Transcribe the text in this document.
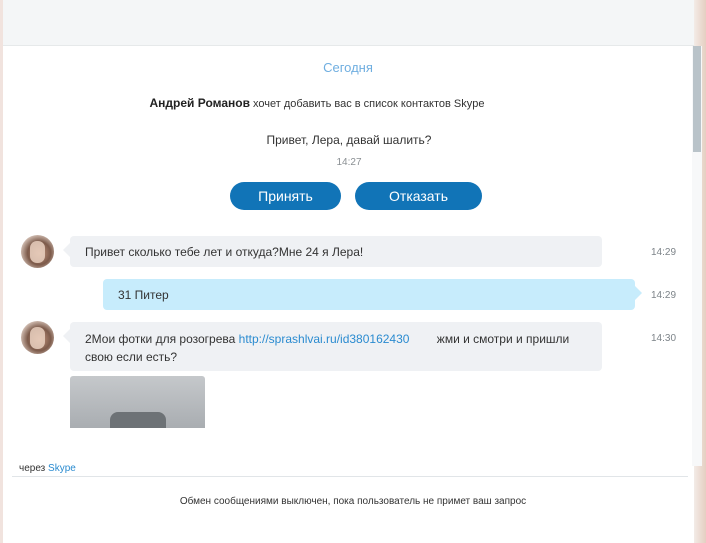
Сегодня
Андрей Романов хочет добавить вас в список контактов Skype
Привет, Лера, давай шалить?
14:27
Принять	Отказать
Привет сколько тебе лет и откуда?Мне 24 я Лера!	14:29
31 Питер	14:29
2Мои фотки для розогрева http://sprashlvai.ru/id380162430 жми и смотри и пришли
свою если есть?
14:30
через Skype
Обмен сообщениями выключен, пока пользователь не примет ваш запрос
